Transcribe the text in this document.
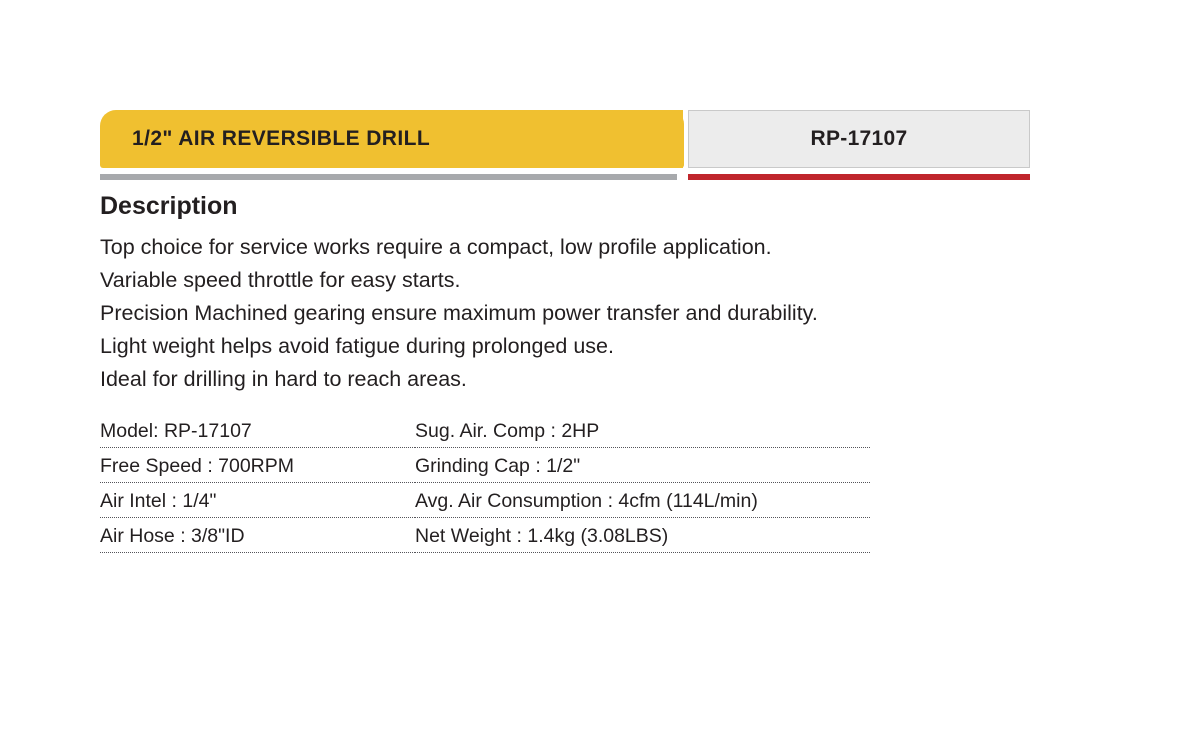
1/2" AIR REVERSIBLE DRILL	RP-17107
Description
Top choice for service works require a compact, low profile application.
Variable speed throttle for easy starts.
Precision Machined gearing ensure maximum power transfer and durability.
Light weight helps avoid fatigue during prolonged use.
Ideal for drilling in hard to reach areas.
Model: RP-17107	Sug. Air. Comp : 2HP
Free Speed : 700RPM	Grinding Cap : 1/2"
Air Intel : 1/4"	Avg. Air Consumption : 4cfm (114L/min)
Air Hose : 3/8"ID	Net Weight : 1.4kg (3.08LBS)
